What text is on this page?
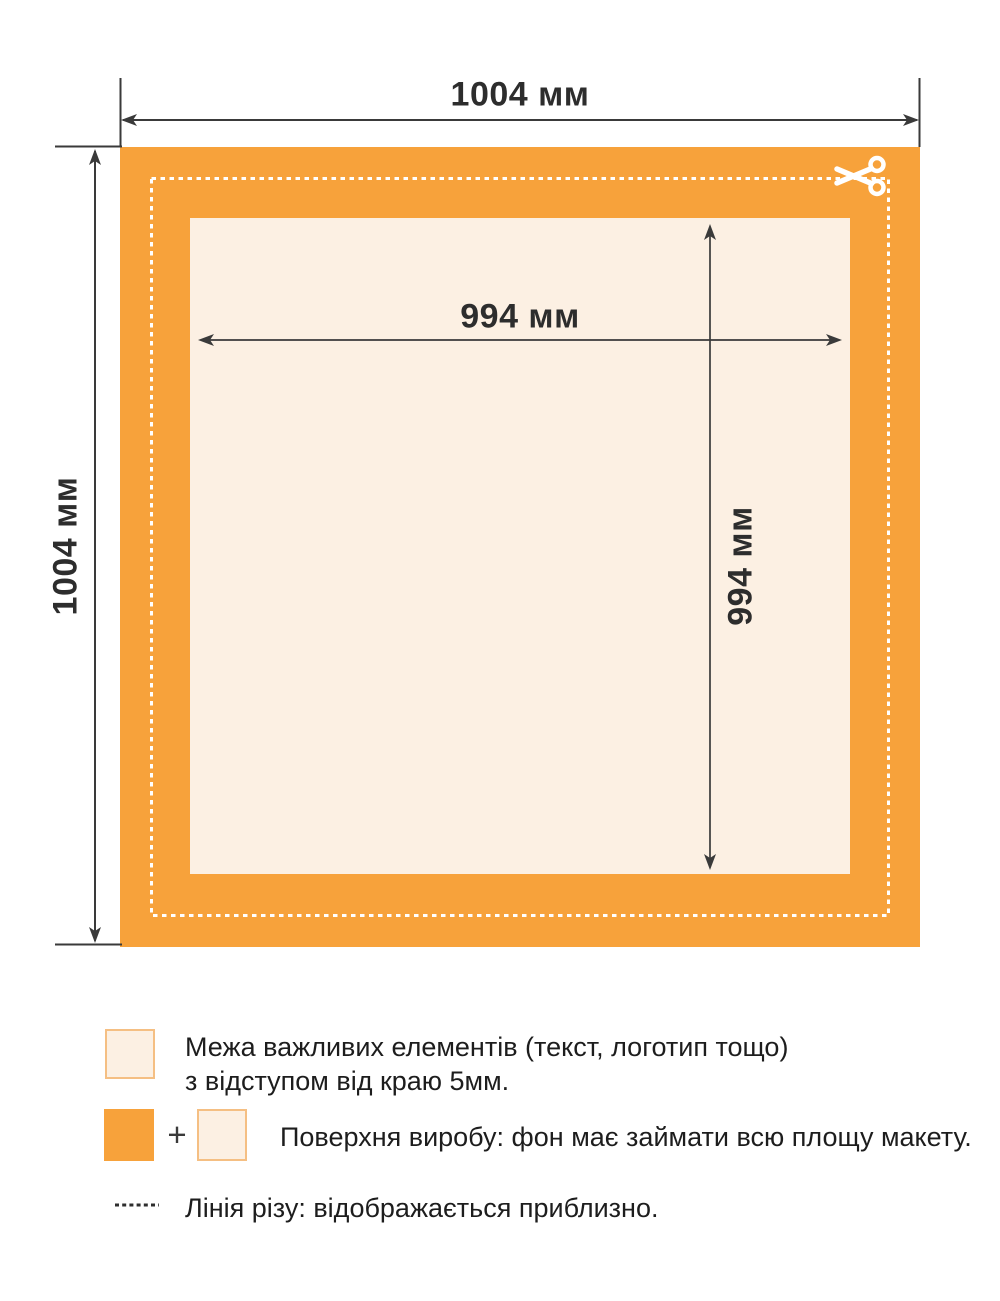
1004 мм
1004 мм
994 мм
994 мм
Межа важливих елементів (текст, логотип тощо)
з відступом від краю 5мм.
+	Поверхня виробу: фон має займати всю площу макету.
Лінія різу: відображається приблизно.
